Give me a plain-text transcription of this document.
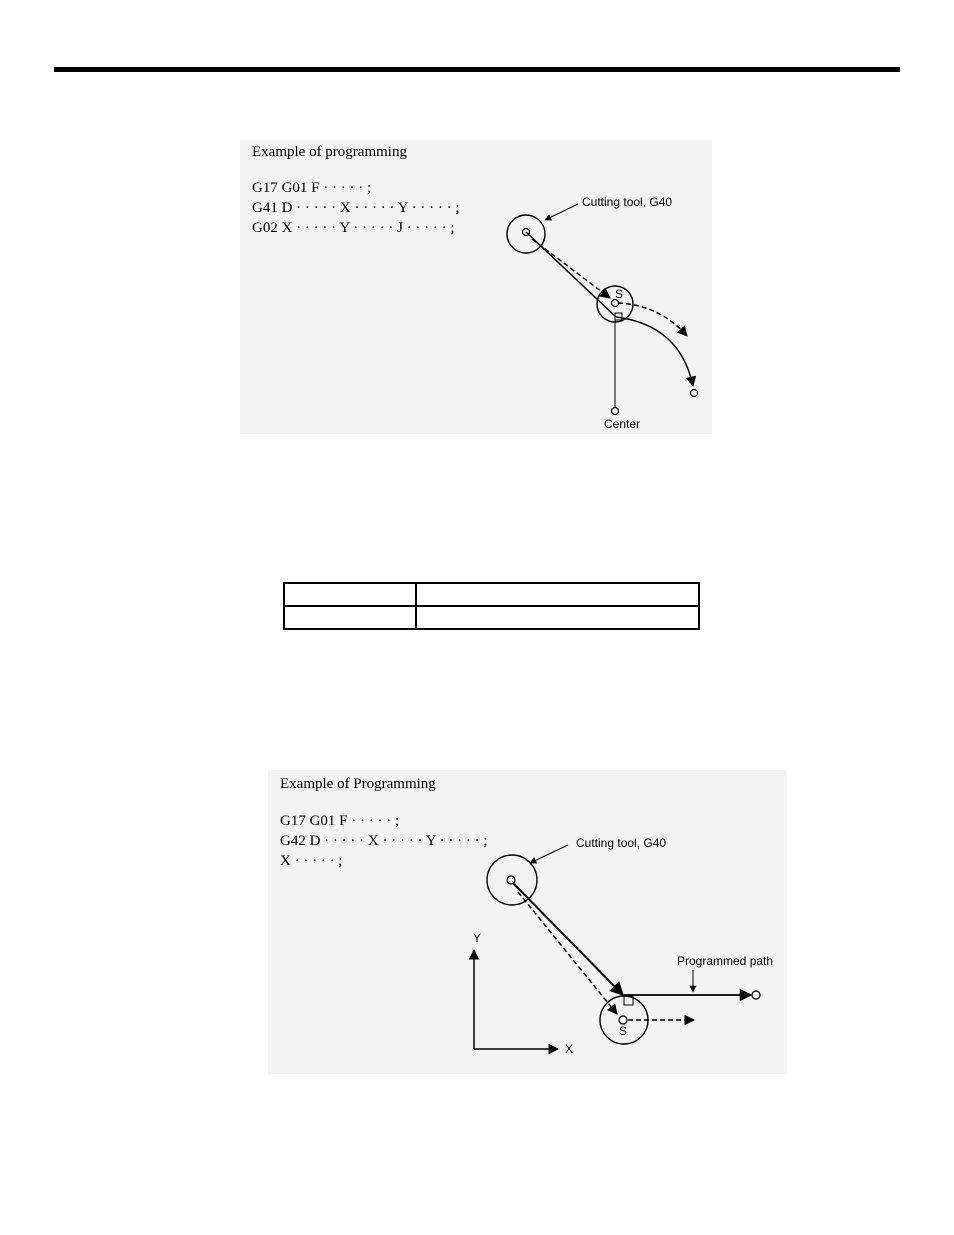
Example of programming
G17 G01 F · · · · · ;
G41 D · · · · · X · · · · · Y · · · · · ;
G02 X · · · · · Y · · · · · J · · · · · ;
Cutting tool, G40
S
Center

Example of Programming
G17 G01 F · · · · · ;
G42 D · · · · · X · · · · · Y · · · · · ;
X · · · · · ;
Cutting tool, G40
Programmed path
S
Y
X
